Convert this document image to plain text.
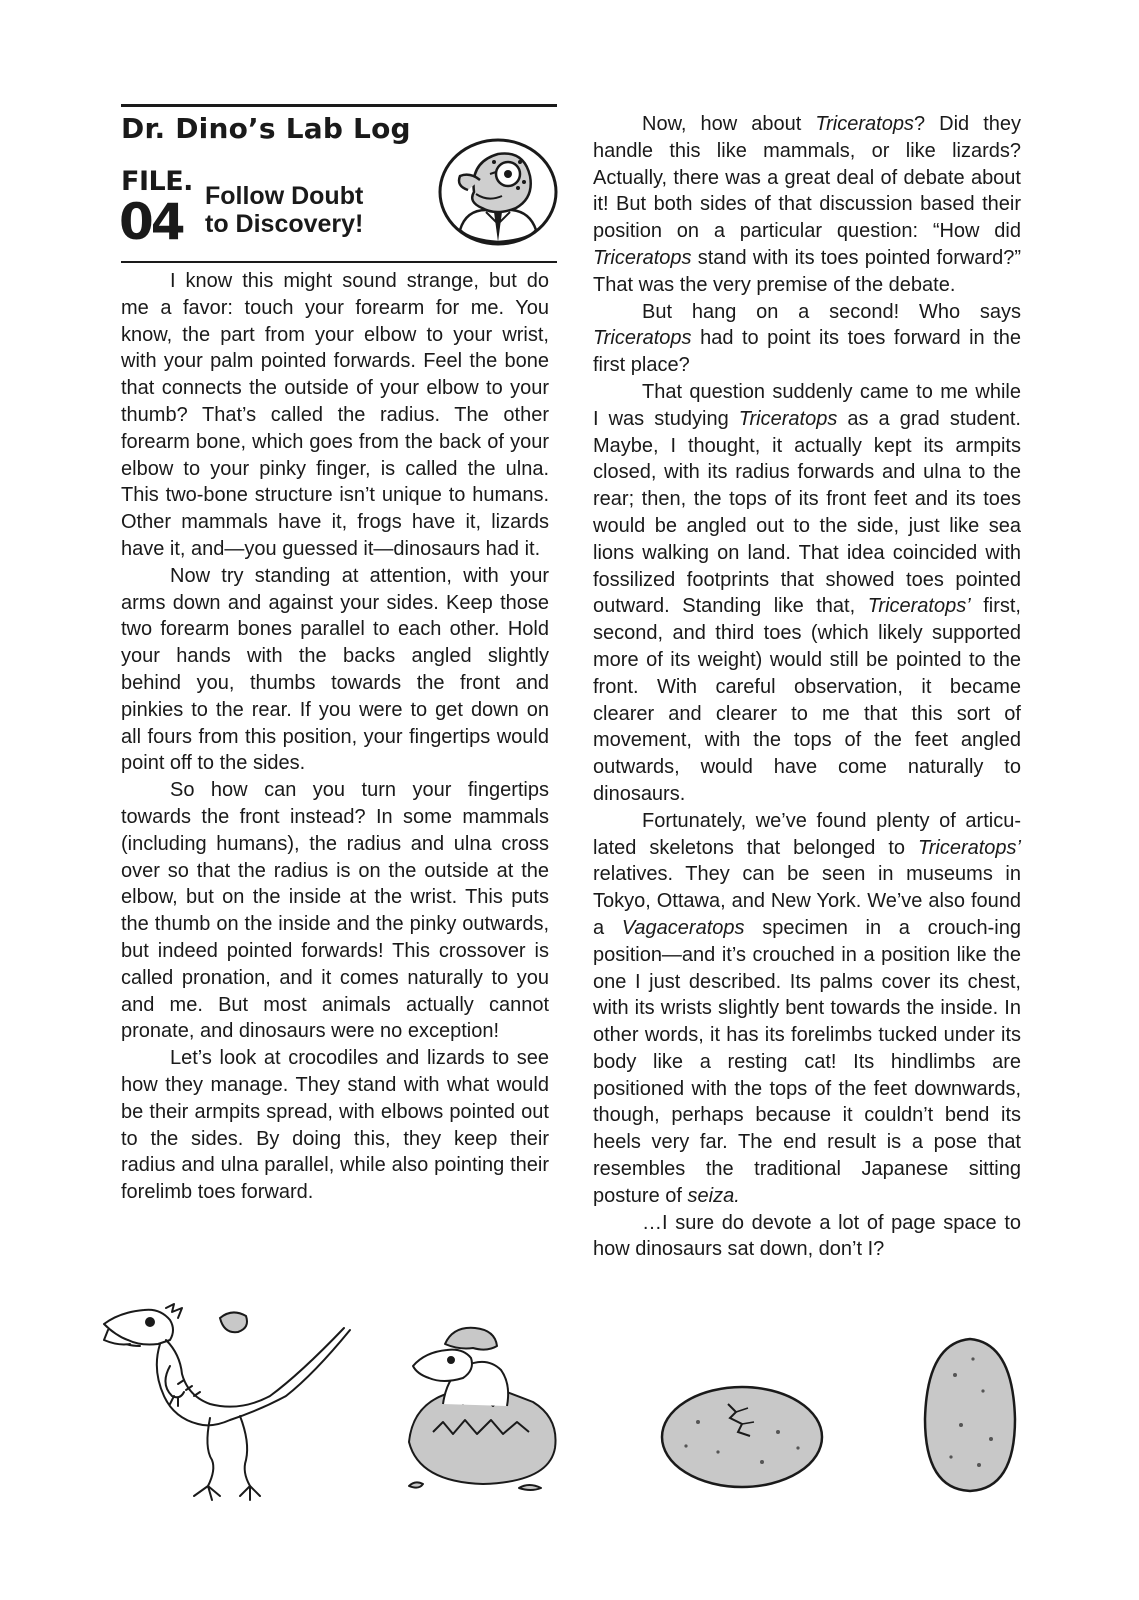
Dr. Dino’s Lab Log
FILE.
04 Follow Doubt
to Discovery!

I know this might sound strange, but do me a favor: touch your forearm for me. You know, the part from your elbow to your wrist, with your palm pointed forwards. Feel the bone that connects the outside of your elbow to your thumb? That’s called the radius. The other forearm bone, which goes from the back of your elbow to your pinky finger, is called the ulna. This two-bone structure isn’t unique to humans. Other mammals have it, frogs have it, lizards have it, and—you guessed it—dinosaurs had it.

Now try standing at attention, with your arms down and against your sides. Keep those two forearm bones parallel to each other. Hold your hands with the backs angled slightly behind you, thumbs towards the front and pinkies to the rear. If you were to get down on all fours from this position, your fingertips would point off to the sides.

So how can you turn your fingertips towards the front instead? In some mammals (including humans), the radius and ulna cross over so that the radius is on the outside at the elbow, but on the inside at the wrist. This puts the thumb on the inside and the pinky outwards, but indeed pointed forwards! This crossover is called pronation, and it comes naturally to you and me. But most animals actually cannot pronate, and dinosaurs were no exception!

Let’s look at crocodiles and lizards to see how they manage. They stand with what would be their armpits spread, with elbows pointed out to the sides. By doing this, they keep their radius and ulna parallel, while also pointing their forelimb toes forward.

Now, how about Triceratops? Did they handle this like mammals, or like lizards? Actually, there was a great deal of debate about it! But both sides of that discussion based their position on a particular question: “How did Triceratops stand with its toes pointed forward?” That was the very premise of the debate.

But hang on a second! Who says Triceratops had to point its toes forward in the first place?

That question suddenly came to me while I was studying Triceratops as a grad student. Maybe, I thought, it actually kept its armpits closed, with its radius forwards and ulna to the rear; then, the tops of its front feet and its toes would be angled out to the side, just like sea lions walking on land. That idea coincided with fossilized footprints that showed toes pointed outward. Standing like that, Triceratops’ first, second, and third toes (which likely supported more of its weight) would still be pointed to the front. With careful observation, it became clearer and clearer to me that this sort of movement, with the tops of the feet angled outwards, would have come naturally to dinosaurs.

Fortunately, we’ve found plenty of articu-lated skeletons that belonged to Triceratops’ relatives. They can be seen in museums in Tokyo, Ottawa, and New York. We’ve also found a Vagaceratops specimen in a crouch-ing position—and it’s crouched in a position like the one I just described. Its palms cover its chest, with its wrists slightly bent towards the inside. In other words, it has its forelimbs tucked under its body like a resting cat! Its hindlimbs are positioned with the tops of the feet downwards, though, perhaps because it couldn’t bend its heels very far. The end result is a pose that resembles the traditional Japanese sitting posture of seiza.

…I sure do devote a lot of page space to how dinosaurs sat down, don’t I?
